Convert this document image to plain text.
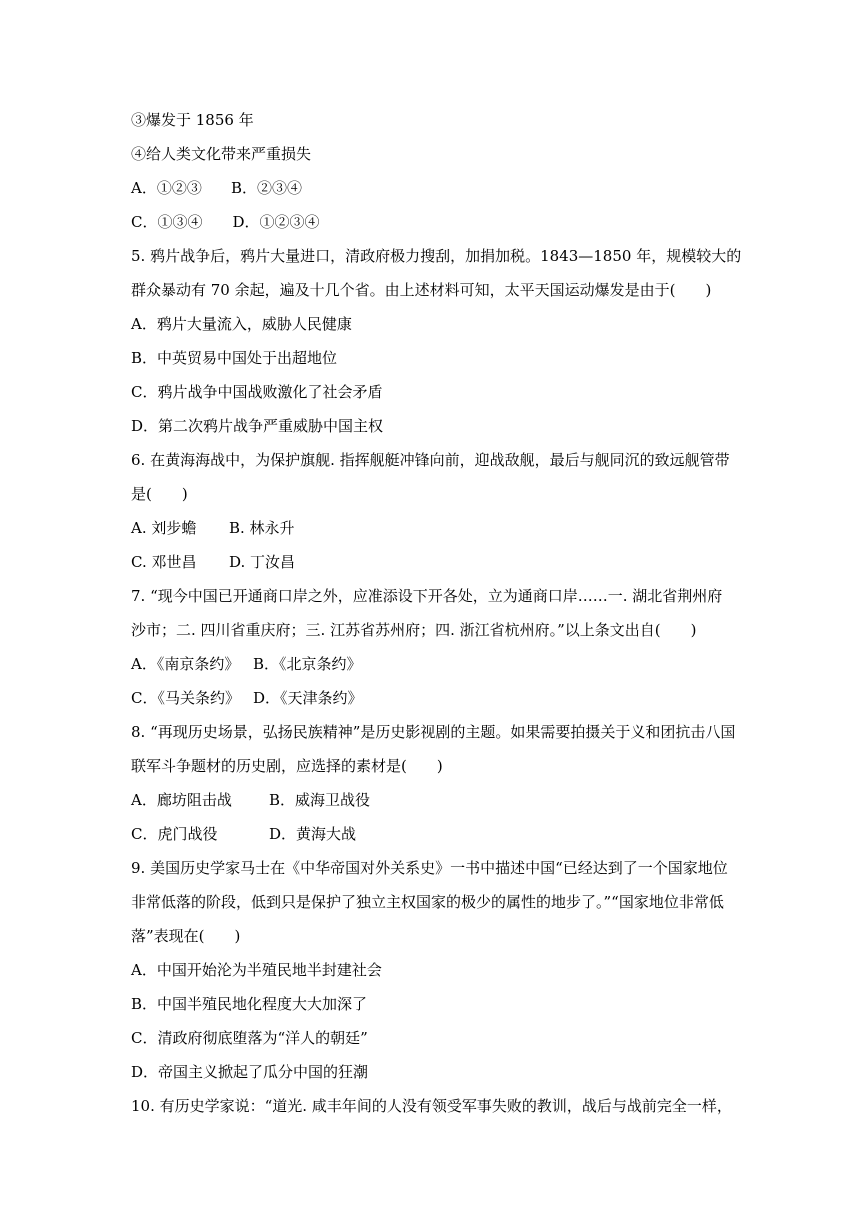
③爆发于 1856 年
④给人类文化带来严重损失
A．①②③ B．②③④
C．①③④　　D．①②③④
5. 鸦片战争后，鸦片大量进口，清政府极力搜刮，加捐加税。1843—1850 年，规模较大的
群众暴动有 70 余起，遍及十几个省。由上述材料可知，太平天国运动爆发是由于(　　)
A．鸦片大量流入，威胁人民健康
B．中英贸易中国处于出超地位
C．鸦片战争中国战败激化了社会矛盾
D．第二次鸦片战争严重威胁中国主权
6. 在黄海海战中，为保护旗舰. 指挥舰艇冲锋向前，迎战敌舰，最后与舰同沉的致远舰管带
是(　　)
A. 刘步蟾 B. 林永升
C. 邓世昌 D. 丁汝昌
7. “现今中国已开通商口岸之外，应准添设下开各处，立为通商口岸……一. 湖北省荆州府
沙市；二. 四川省重庆府；三. 江苏省苏州府；四. 浙江省杭州府。”以上条文出自(　　)
A．《南京条约》 B．《北京条约》
C．《马关条约》 D．《天津条约》
8. “再现历史场景，弘扬民族精神”是历史影视剧的主题。如果需要拍摄关于义和团抗击八国
联军斗争题材的历史剧，应选择的素材是(　　)
A．廊坊阻击战 B．威海卫战役
C．虎门战役	D．黄海大战
9. 美国历史学家马士在《中华帝国对外关系史》一书中描述中国“已经达到了一个国家地位
非常低落的阶段，低到只是保护了独立主权国家的极少的属性的地步了。”“国家地位非常低
落”表现在(　　)
A．中国开始沦为半殖民地半封建社会
B．中国半殖民地化程度大大加深了
C．清政府彻底堕落为“洋人的朝廷”
D．帝国主义掀起了瓜分中国的狂潮
10. 有历史学家说：“道光. 咸丰年间的人没有领受军事失败的教训，战后与战前完全一样，
